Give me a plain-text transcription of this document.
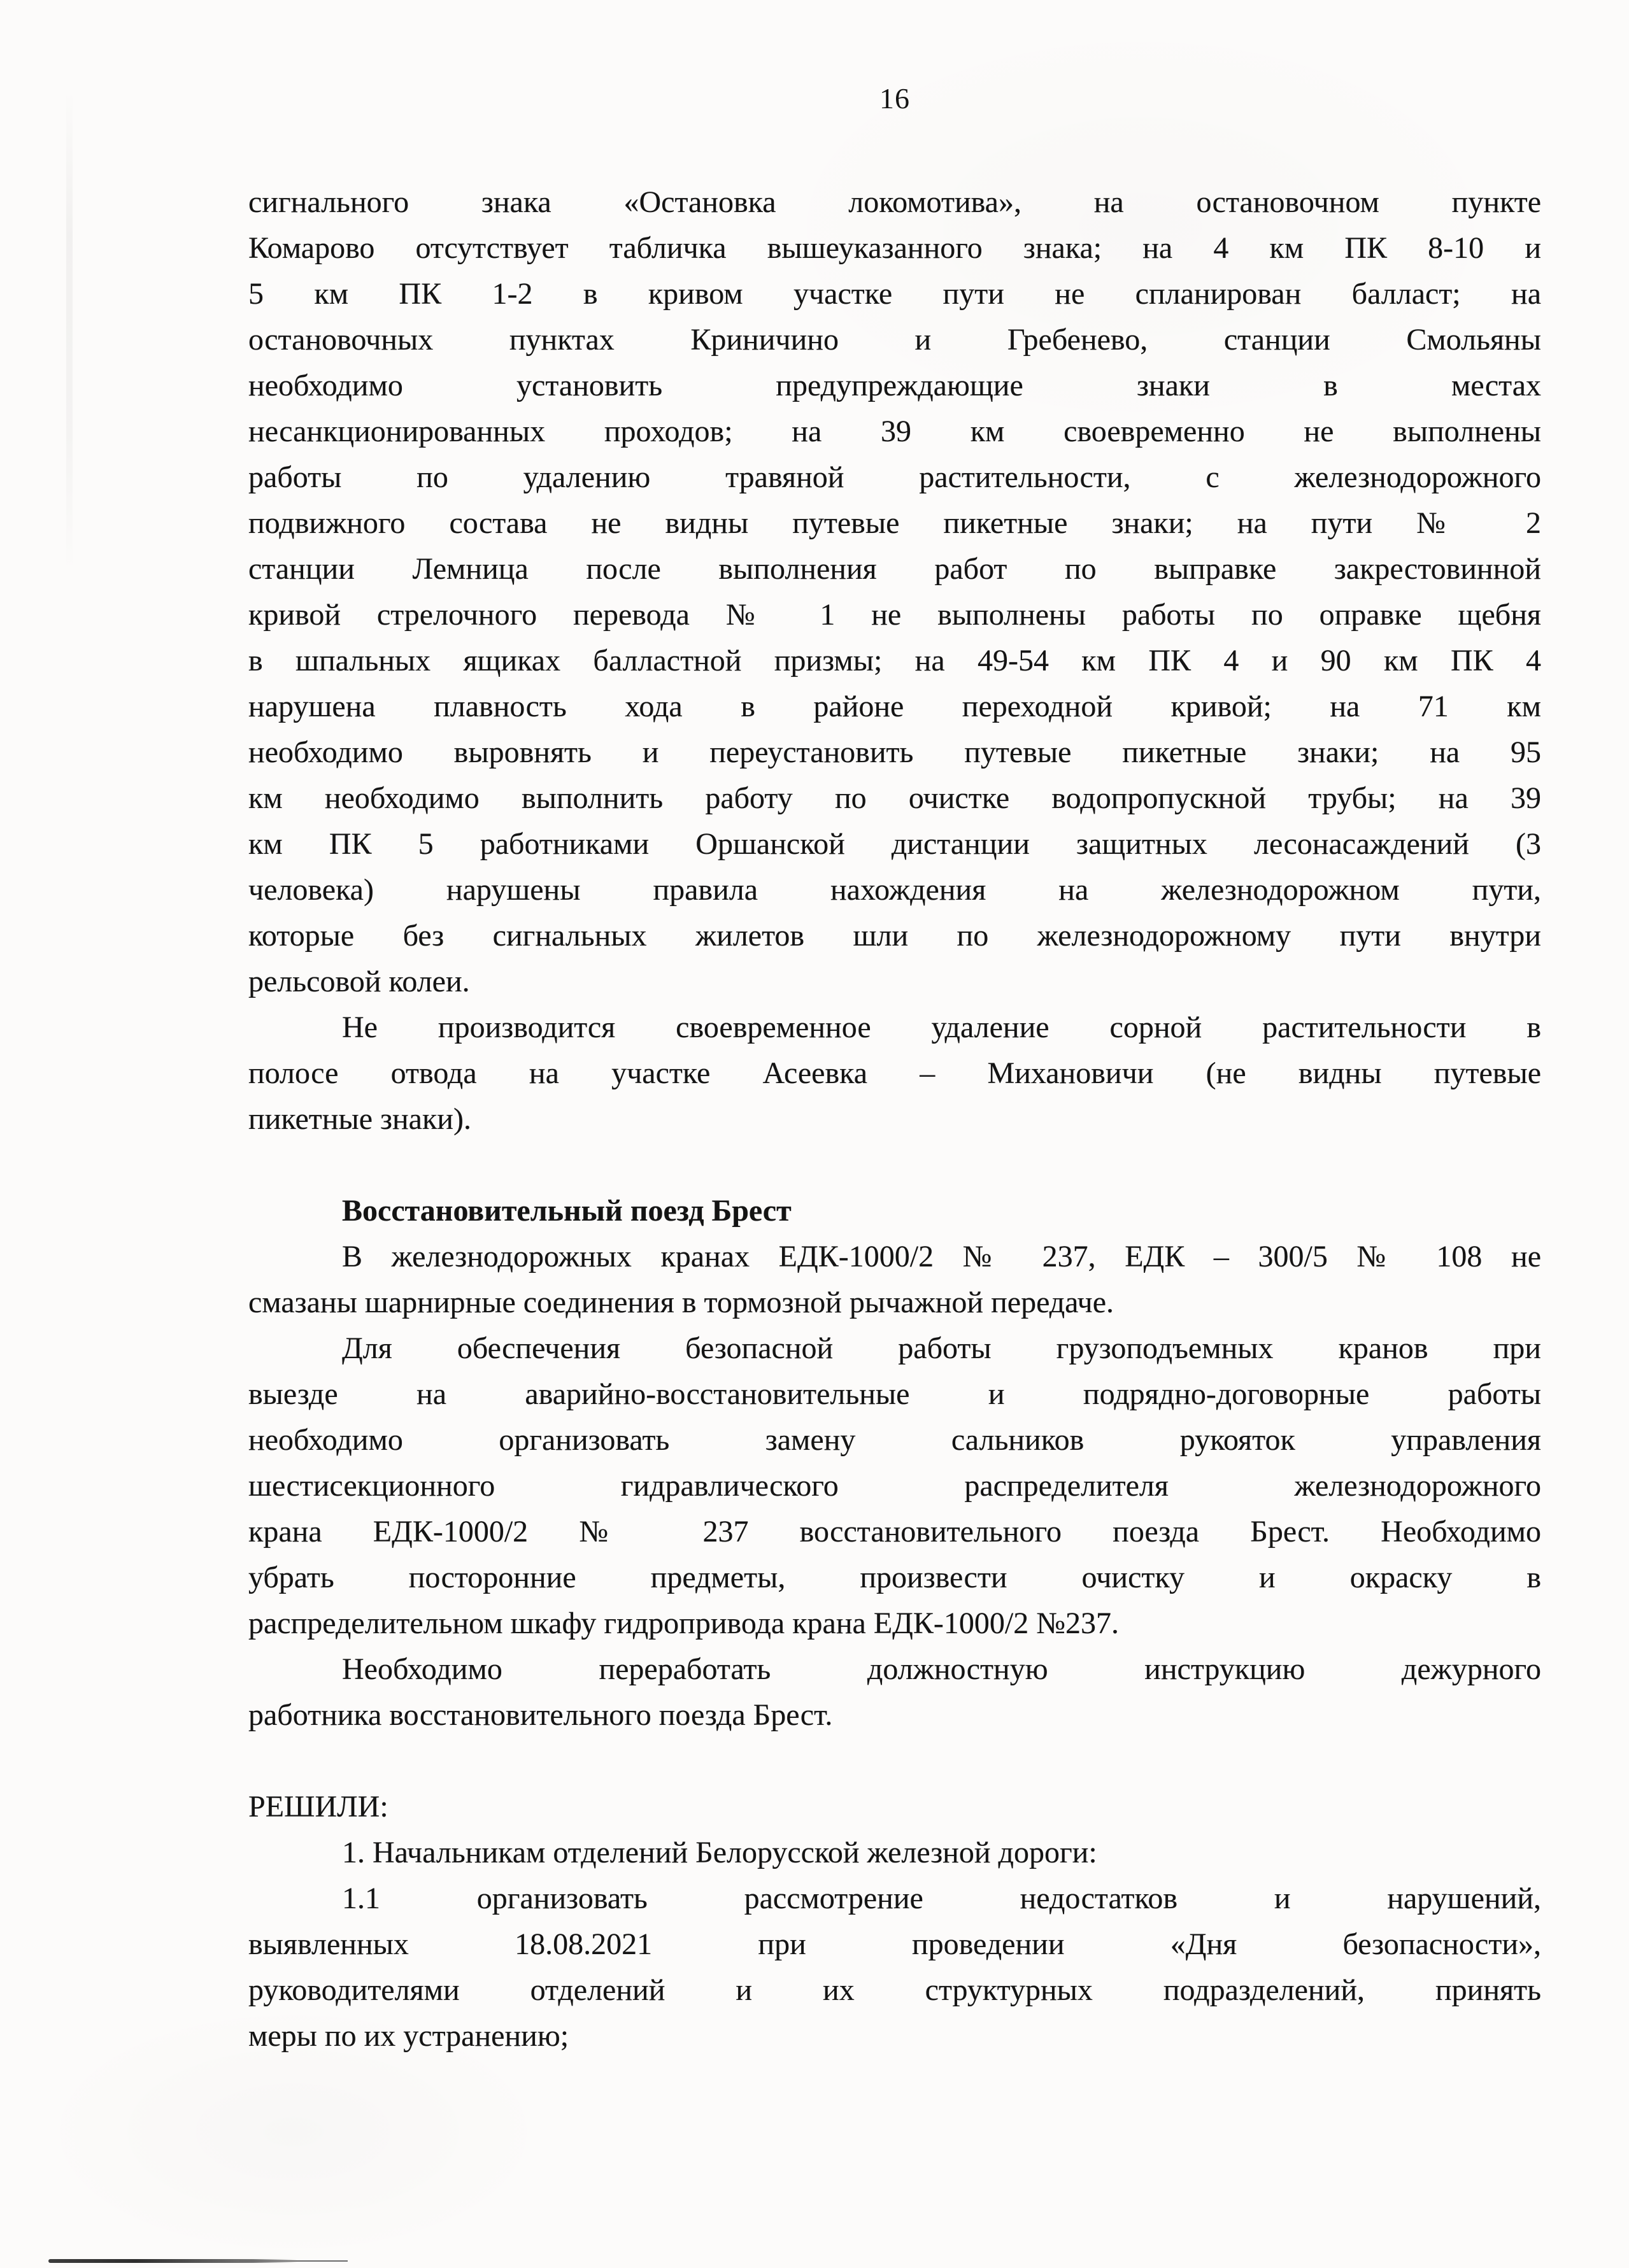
16
сигнального знака «Остановка локомотива», на остановочном пункте
Комарово отсутствует табличка вышеуказанного знака; на 4 км ПК 8-10 и
5 км ПК 1-2 в кривом участке пути не спланирован балласт; на
остановочных пунктах Криничино и Гребенево, станции Смольяны
необходимо установить предупреждающие знаки в местах
несанкционированных проходов; на 39 км своевременно не выполнены
работы по удалению травяной растительности, с железнодорожного
подвижного состава не видны путевые пикетные знаки; на пути № 2
станции Лемница после выполнения работ по выправке закрестовинной
кривой стрелочного перевода № 1 не выполнены работы по оправке щебня
в шпальных ящиках балластной призмы; на 49-54 км ПК 4 и 90 км ПК 4
нарушена плавность хода в районе переходной кривой; на 71 км
необходимо выровнять и переустановить путевые пикетные знаки; на 95
км необходимо выполнить работу по очистке водопропускной трубы; на 39
км ПК 5 работниками Оршанской дистанции защитных лесонасаждений (3
человека) нарушены правила нахождения на железнодорожном пути,
которые без сигнальных жилетов шли по железнодорожному пути внутри
рельсовой колеи.
Не производится своевременное удаление сорной растительности в
полосе отвода на участке Асеевка – Михановичи (не видны путевые
пикетные знаки).
Восстановительный поезд Брест
В железнодорожных кранах ЕДК-1000/2 № 237, ЕДК – 300/5 № 108 не
смазаны шарнирные соединения в тормозной рычажной передаче.
Для обеспечения безопасной работы грузоподъемных кранов при
выезде на аварийно-восстановительные и подрядно-договорные работы
необходимо организовать замену сальников рукояток управления
шестисекционного гидравлического распределителя железнодорожного
крана ЕДК-1000/2 № 237 восстановительного поезда Брест. Необходимо
убрать посторонние предметы, произвести очистку и окраску в
распределительном шкафу гидропривода крана ЕДК-1000/2 №237.
Необходимо переработать должностную инструкцию дежурного
работника восстановительного поезда Брест.
РЕШИЛИ:
1. Начальникам отделений Белорусской железной дороги:
1.1 организовать рассмотрение недостатков и нарушений,
выявленных 18.08.2021 при проведении «Дня безопасности»,
руководителями отделений и их структурных подразделений, принять
меры по их устранению;
